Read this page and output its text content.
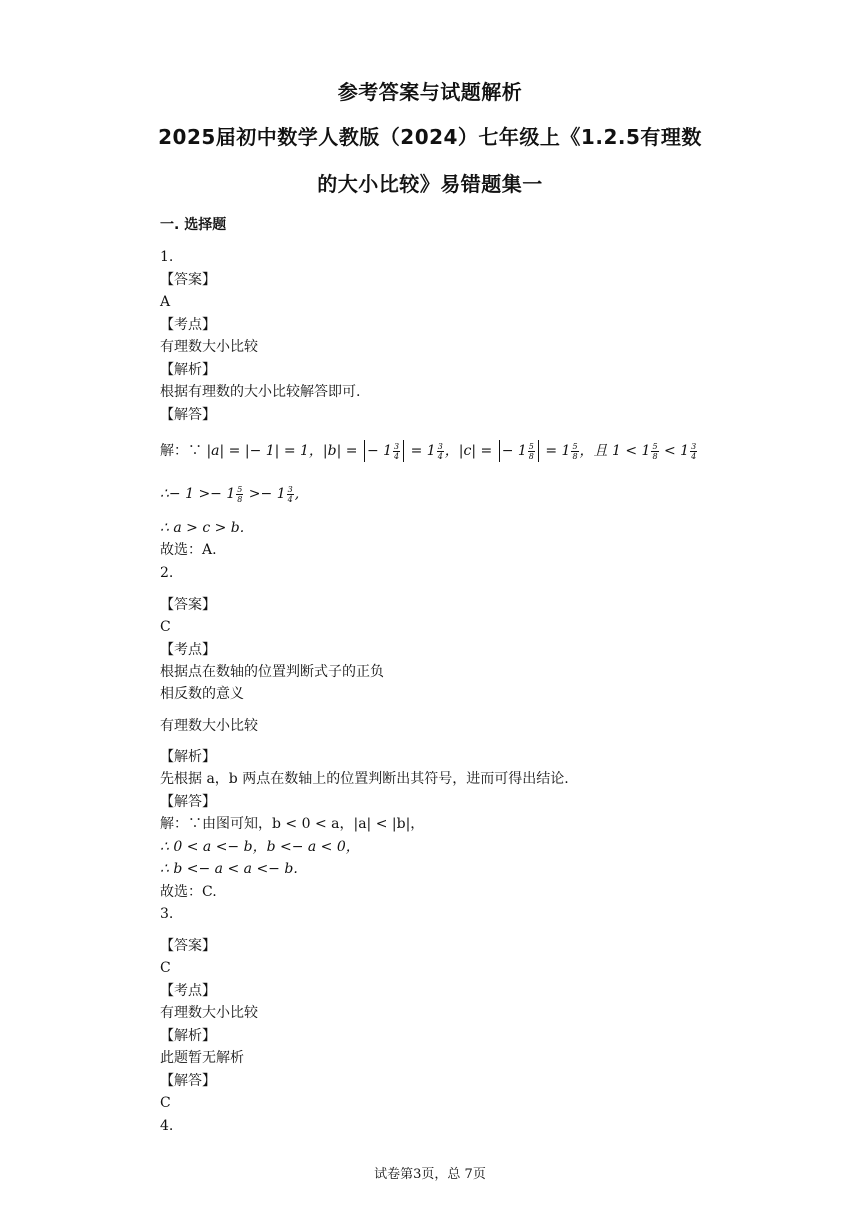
参考答案与试题解析
2025届初中数学人教版（2024）七年级上《1.2.5有理数
的大小比较》易错题集一
一. 选择题
1.
【答案】
A
【考点】
有理数大小比较
【解析】
根据有理数的大小比较解答即可.
【解答】
解：∵ |a| = |− 1| = 1，|b| = − $1 \frac{3}{4} = 1 \frac{3}{4}$ ，|c| = − $1 \frac{5}{8} = 1 \frac{5}{8}$ ，且 $1 < 1 \frac{5}{8} < 1 \frac{3}{4}$
∴− $1 >- 1 \frac{5}{8} >- 1 \frac{3}{4}$ ,
∴ a > c > b.
故选：A.
2.
【答案】
C
【考点】
根据点在数轴的位置判断式子的正负
相反数的意义
有理数大小比较
【解析】
先根据 a，b 两点在数轴上的位置判断出其符号，进而可得出结论.
【解答】
解：∵由图可知，b < 0 < a，|a| < |b|，
∴ 0 < a <− b，b <− a < 0，
∴ b <− a < a <− b.
故选：C.
3.
【答案】
C
【考点】
有理数大小比较
【解析】
此题暂无解析
【解答】
C
4.
试卷第3页，总 7页
